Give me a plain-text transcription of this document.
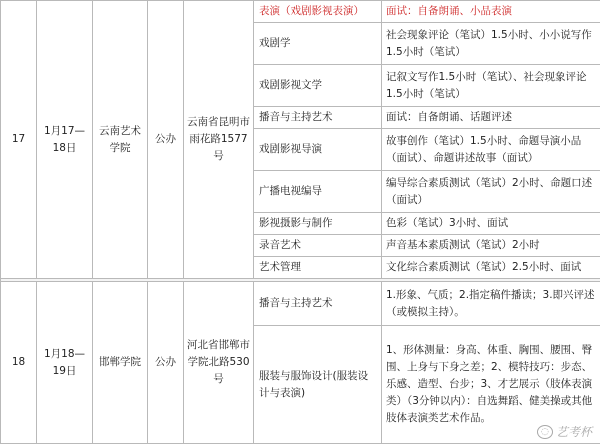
17	1月17—18日	云南艺术学院	公办	云南省昆明市雨花路1577号	表演（戏剧影视表演）	面试：自备朗诵、小品表演
					戏剧学	社会现象评论（笔试）1.5小时、小小说写作1.5小时（笔试）
					戏剧影视文学	记叙文写作1.5小时（笔试）、社会现象评论1.5小时（笔试）
					播音与主持艺术	面试：自备朗诵、话题评述
					戏剧影视导演	故事创作（笔试）1.5小时、命题导演小品（面试）、命题讲述故事（面试）
					广播电视编导	编导综合素质测试（笔试）2小时、命题口述（面试）
					影视摄影与制作	色彩（笔试）3小时、面试
					录音艺术	声音基本素质测试（笔试）2小时
					艺术管理	文化综合素质测试（笔试）2.5小时、面试

18	1月18—19日	邯郸学院	公办	河北省邯郸市学院北路530号	播音与主持艺术	1.形象、气质；2.指定稿件播读；3.即兴评述（或模拟主持）。
					服装与服饰设计(服装设计与表演)	1、形体测量：身高、体重、胸围、腰围、臀围、上身与下身之差；2、模特技巧：步态、乐感、造型、台步；3、才艺展示（肢体表演类）（3分钟以内）：自选舞蹈、健美操或其他肢体表演类艺术作品。
◌ 艺考杯
